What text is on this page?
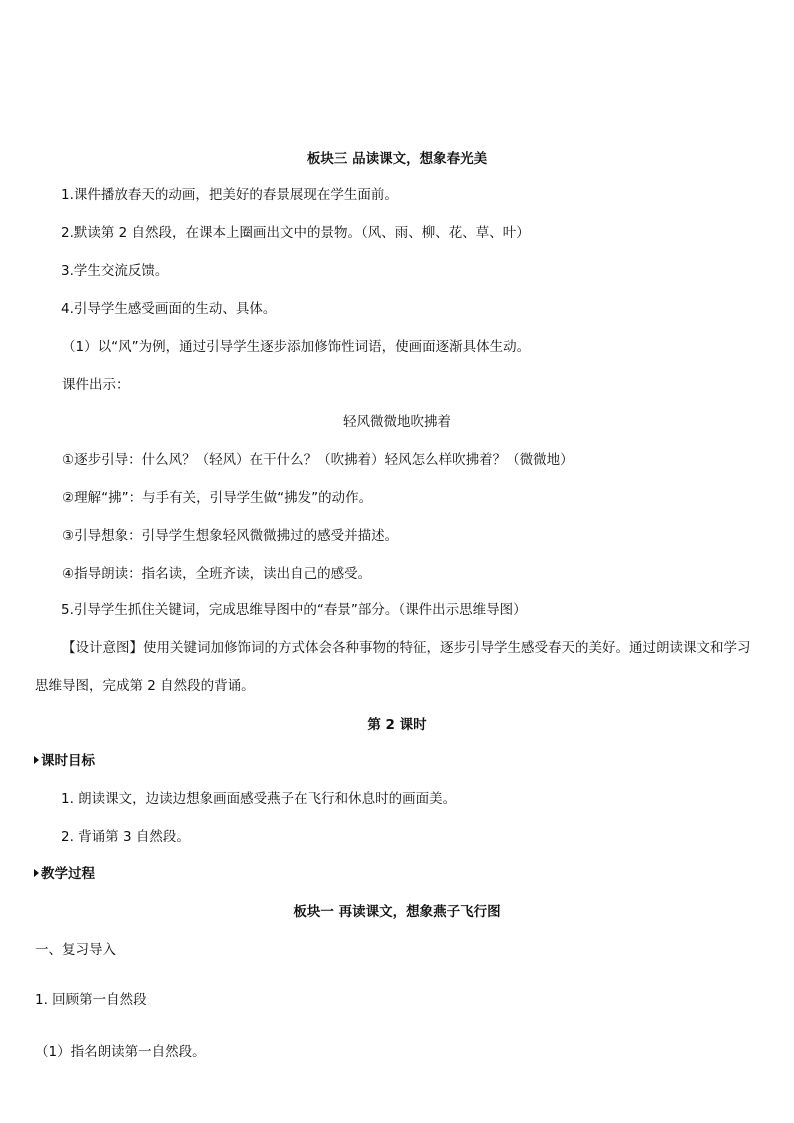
板块三 品读课文，想象春光美

1.课件播放春天的动画，把美好的春景展现在学生面前。

2.默读第 2 自然段，在课本上圈画出文中的景物。（风、雨、柳、花、草、叶）

3.学生交流反馈。

4.引导学生感受画面的生动、具体。

（1）以“风”为例，通过引导学生逐步添加修饰性词语，使画面逐渐具体生动。

课件出示：

轻风微微地吹拂着

①逐步引导：什么风？（轻风）在干什么？（吹拂着）轻风怎么样吹拂着？（微微地）

②理解“拂”：与手有关，引导学生做“拂发”的动作。

③引导想象：引导学生想象轻风微微拂过的感受并描述。

④指导朗读：指名读，全班齐读，读出自己的感受。

5.引导学生抓住关键词，完成思维导图中的“春景”部分。（课件出示思维导图）

【设计意图】使用关键词加修饰词的方式体会各种事物的特征，逐步引导学生感受春天的美好。通过朗读课文和学习思维导图，完成第 2 自然段的背诵。

第 2 课时

课时目标

1. 朗读课文，边读边想象画面感受燕子在飞行和休息时的画面美。

2. 背诵第 3 自然段。

教学过程

板块一 再读课文，想象燕子飞行图

一、复习导入

1. 回顾第一自然段

（1）指名朗读第一自然段。
